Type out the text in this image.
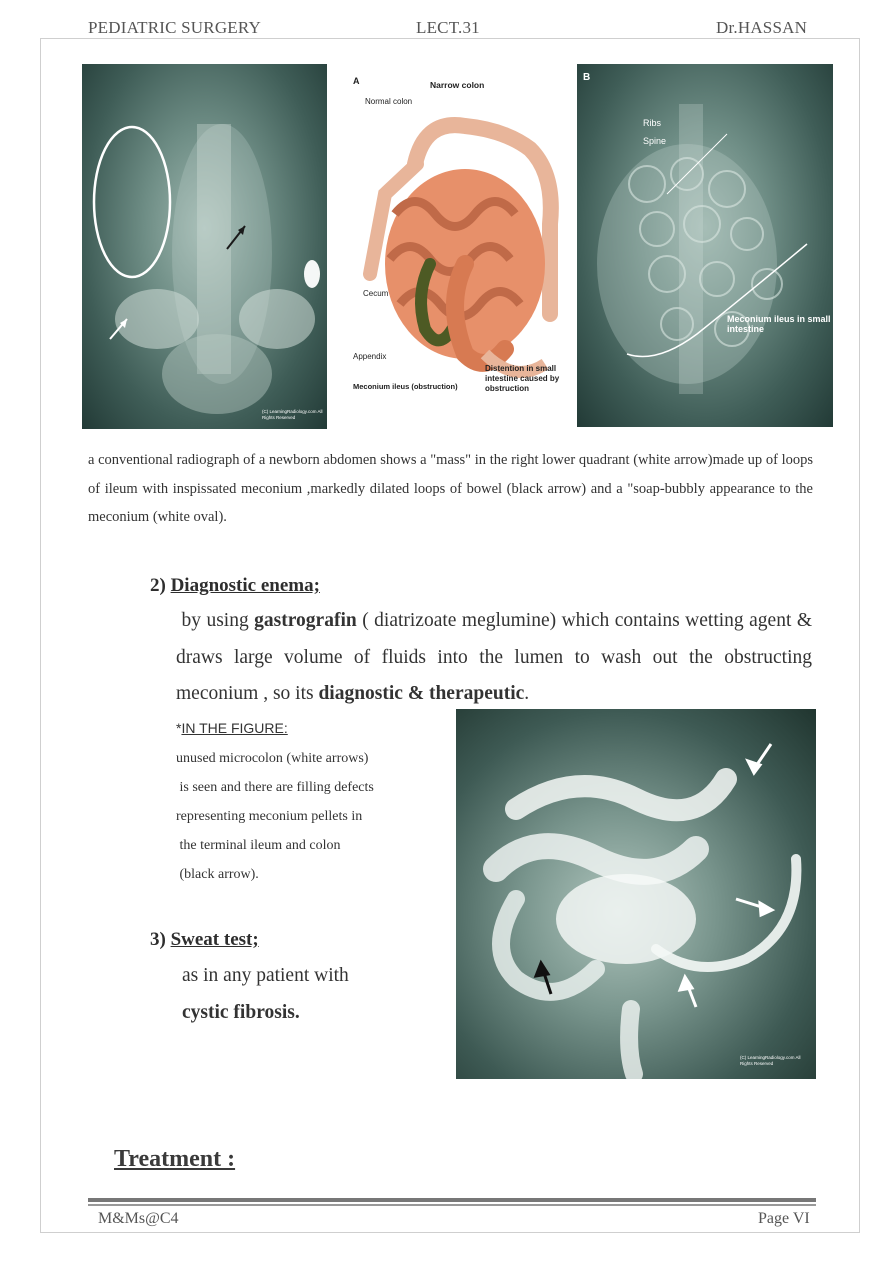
PEDIATRIC SURGERY	LECT.31	Dr.HASSAN
(C) LearningRadiology.com All Rights Reserved
A	Narrow colon
Normal colon
Cecum
Appendix
Meconium ileus (obstruction)
Distention in small intestine caused by obstruction
B
Ribs
Spine
Meconium ileus in small intestine
a conventional radiograph of a newborn abdomen shows a "mass" in the right lower quadrant (white arrow)made up of loops of ileum with inspissated meconium ,markedly dilated loops of bowel (black arrow) and a "soap-bubbly appearance to the meconium (white oval).
2) Diagnostic enema;
by using gastrografin ( diatrizoate meglumine) which contains wetting agent & draws large volume of fluids into the lumen to wash out the obstructing meconium , so its diagnostic & therapeutic.
*IN THE FIGURE:
unused microcolon (white arrows)
is seen and there are filling defects
representing meconium pellets in
the terminal ileum and colon
(black arrow).
(C) LearningRadiology.com All Rights Reserved
3) Sweat test;
as in any patient with
cystic fibrosis.
Treatment :
M&Ms@C4	Page VI
